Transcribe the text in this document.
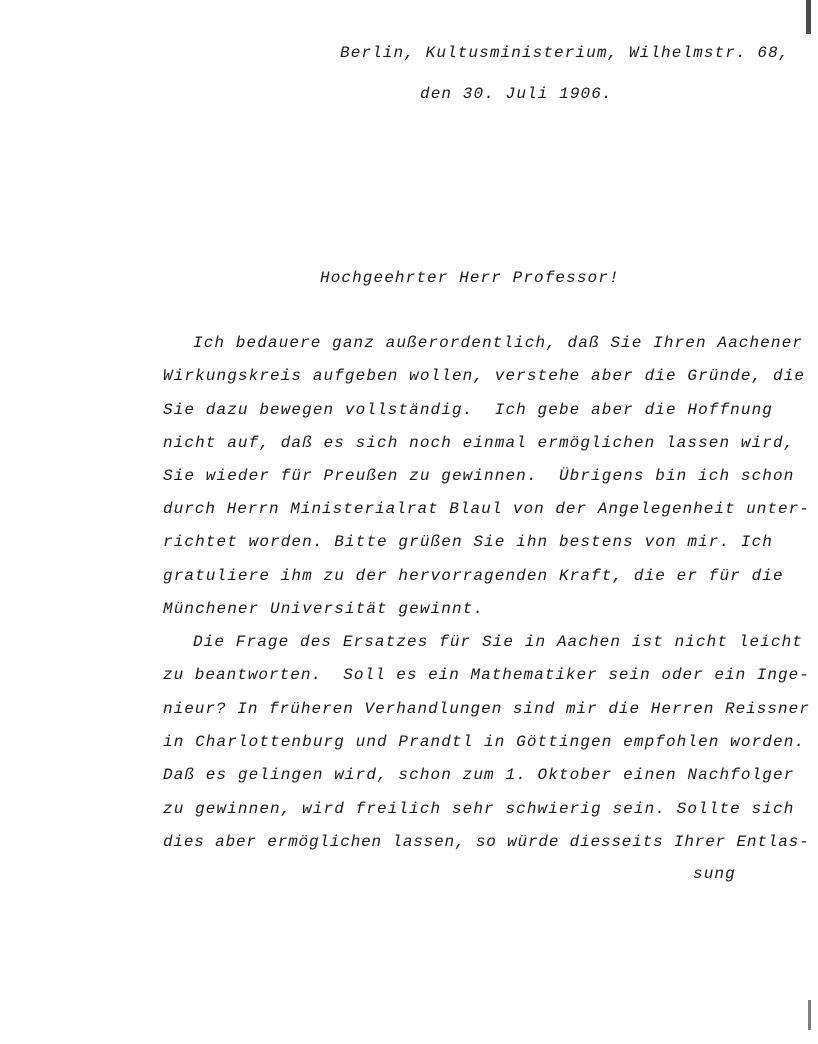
Berlin, Kultusministerium, Wilhelmstr. 68,
den 30. Juli 1906.
Hochgeehrter Herr Professor!
Ich bedauere ganz außerordentlich, daß Sie Ihren Aachener
Wirkungskreis aufgeben wollen, verstehe aber die Gründe, die
Sie dazu bewegen vollständig.  Ich gebe aber die Hoffnung
nicht auf, daß es sich noch einmal ermöglichen lassen wird,
Sie wieder für Preußen zu gewinnen.  Übrigens bin ich schon
durch Herrn Ministerialrat Blaul von der Angelegenheit unter-
richtet worden. Bitte grüßen Sie ihn bestens von mir. Ich
gratuliere ihm zu der hervorragenden Kraft, die er für die
Münchener Universität gewinnt.
Die Frage des Ersatzes für Sie in Aachen ist nicht leicht
zu beantworten.  Soll es ein Mathematiker sein oder ein Inge-
nieur? In früheren Verhandlungen sind mir die Herren Reissner
in Charlottenburg und Prandtl in Göttingen empfohlen worden.
Daß es gelingen wird, schon zum 1. Oktober einen Nachfolger
zu gewinnen, wird freilich sehr schwierig sein. Sollte sich
dies aber ermöglichen lassen, so würde diesseits Ihrer Entlas-
sung
